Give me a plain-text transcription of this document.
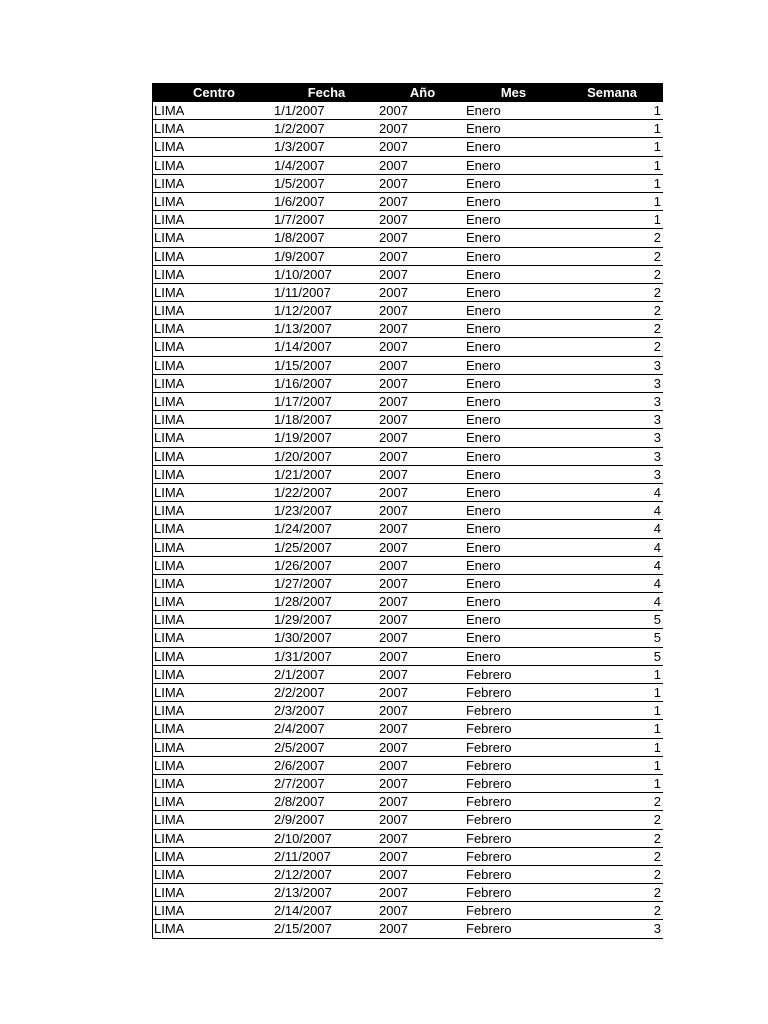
Centro	Fecha	Año	Mes	Semana
LIMA	1/1/2007	2007	Enero	1
LIMA	1/2/2007	2007	Enero	1
LIMA	1/3/2007	2007	Enero	1
LIMA	1/4/2007	2007	Enero	1
LIMA	1/5/2007	2007	Enero	1
LIMA	1/6/2007	2007	Enero	1
LIMA	1/7/2007	2007	Enero	1
LIMA	1/8/2007	2007	Enero	2
LIMA	1/9/2007	2007	Enero	2
LIMA	1/10/2007	2007	Enero	2
LIMA	1/11/2007	2007	Enero	2
LIMA	1/12/2007	2007	Enero	2
LIMA	1/13/2007	2007	Enero	2
LIMA	1/14/2007	2007	Enero	2
LIMA	1/15/2007	2007	Enero	3
LIMA	1/16/2007	2007	Enero	3
LIMA	1/17/2007	2007	Enero	3
LIMA	1/18/2007	2007	Enero	3
LIMA	1/19/2007	2007	Enero	3
LIMA	1/20/2007	2007	Enero	3
LIMA	1/21/2007	2007	Enero	3
LIMA	1/22/2007	2007	Enero	4
LIMA	1/23/2007	2007	Enero	4
LIMA	1/24/2007	2007	Enero	4
LIMA	1/25/2007	2007	Enero	4
LIMA	1/26/2007	2007	Enero	4
LIMA	1/27/2007	2007	Enero	4
LIMA	1/28/2007	2007	Enero	4
LIMA	1/29/2007	2007	Enero	5
LIMA	1/30/2007	2007	Enero	5
LIMA	1/31/2007	2007	Enero	5
LIMA	2/1/2007	2007	Febrero	1
LIMA	2/2/2007	2007	Febrero	1
LIMA	2/3/2007	2007	Febrero	1
LIMA	2/4/2007	2007	Febrero	1
LIMA	2/5/2007	2007	Febrero	1
LIMA	2/6/2007	2007	Febrero	1
LIMA	2/7/2007	2007	Febrero	1
LIMA	2/8/2007	2007	Febrero	2
LIMA	2/9/2007	2007	Febrero	2
LIMA	2/10/2007	2007	Febrero	2
LIMA	2/11/2007	2007	Febrero	2
LIMA	2/12/2007	2007	Febrero	2
LIMA	2/13/2007	2007	Febrero	2
LIMA	2/14/2007	2007	Febrero	2
LIMA	2/15/2007	2007	Febrero	3
